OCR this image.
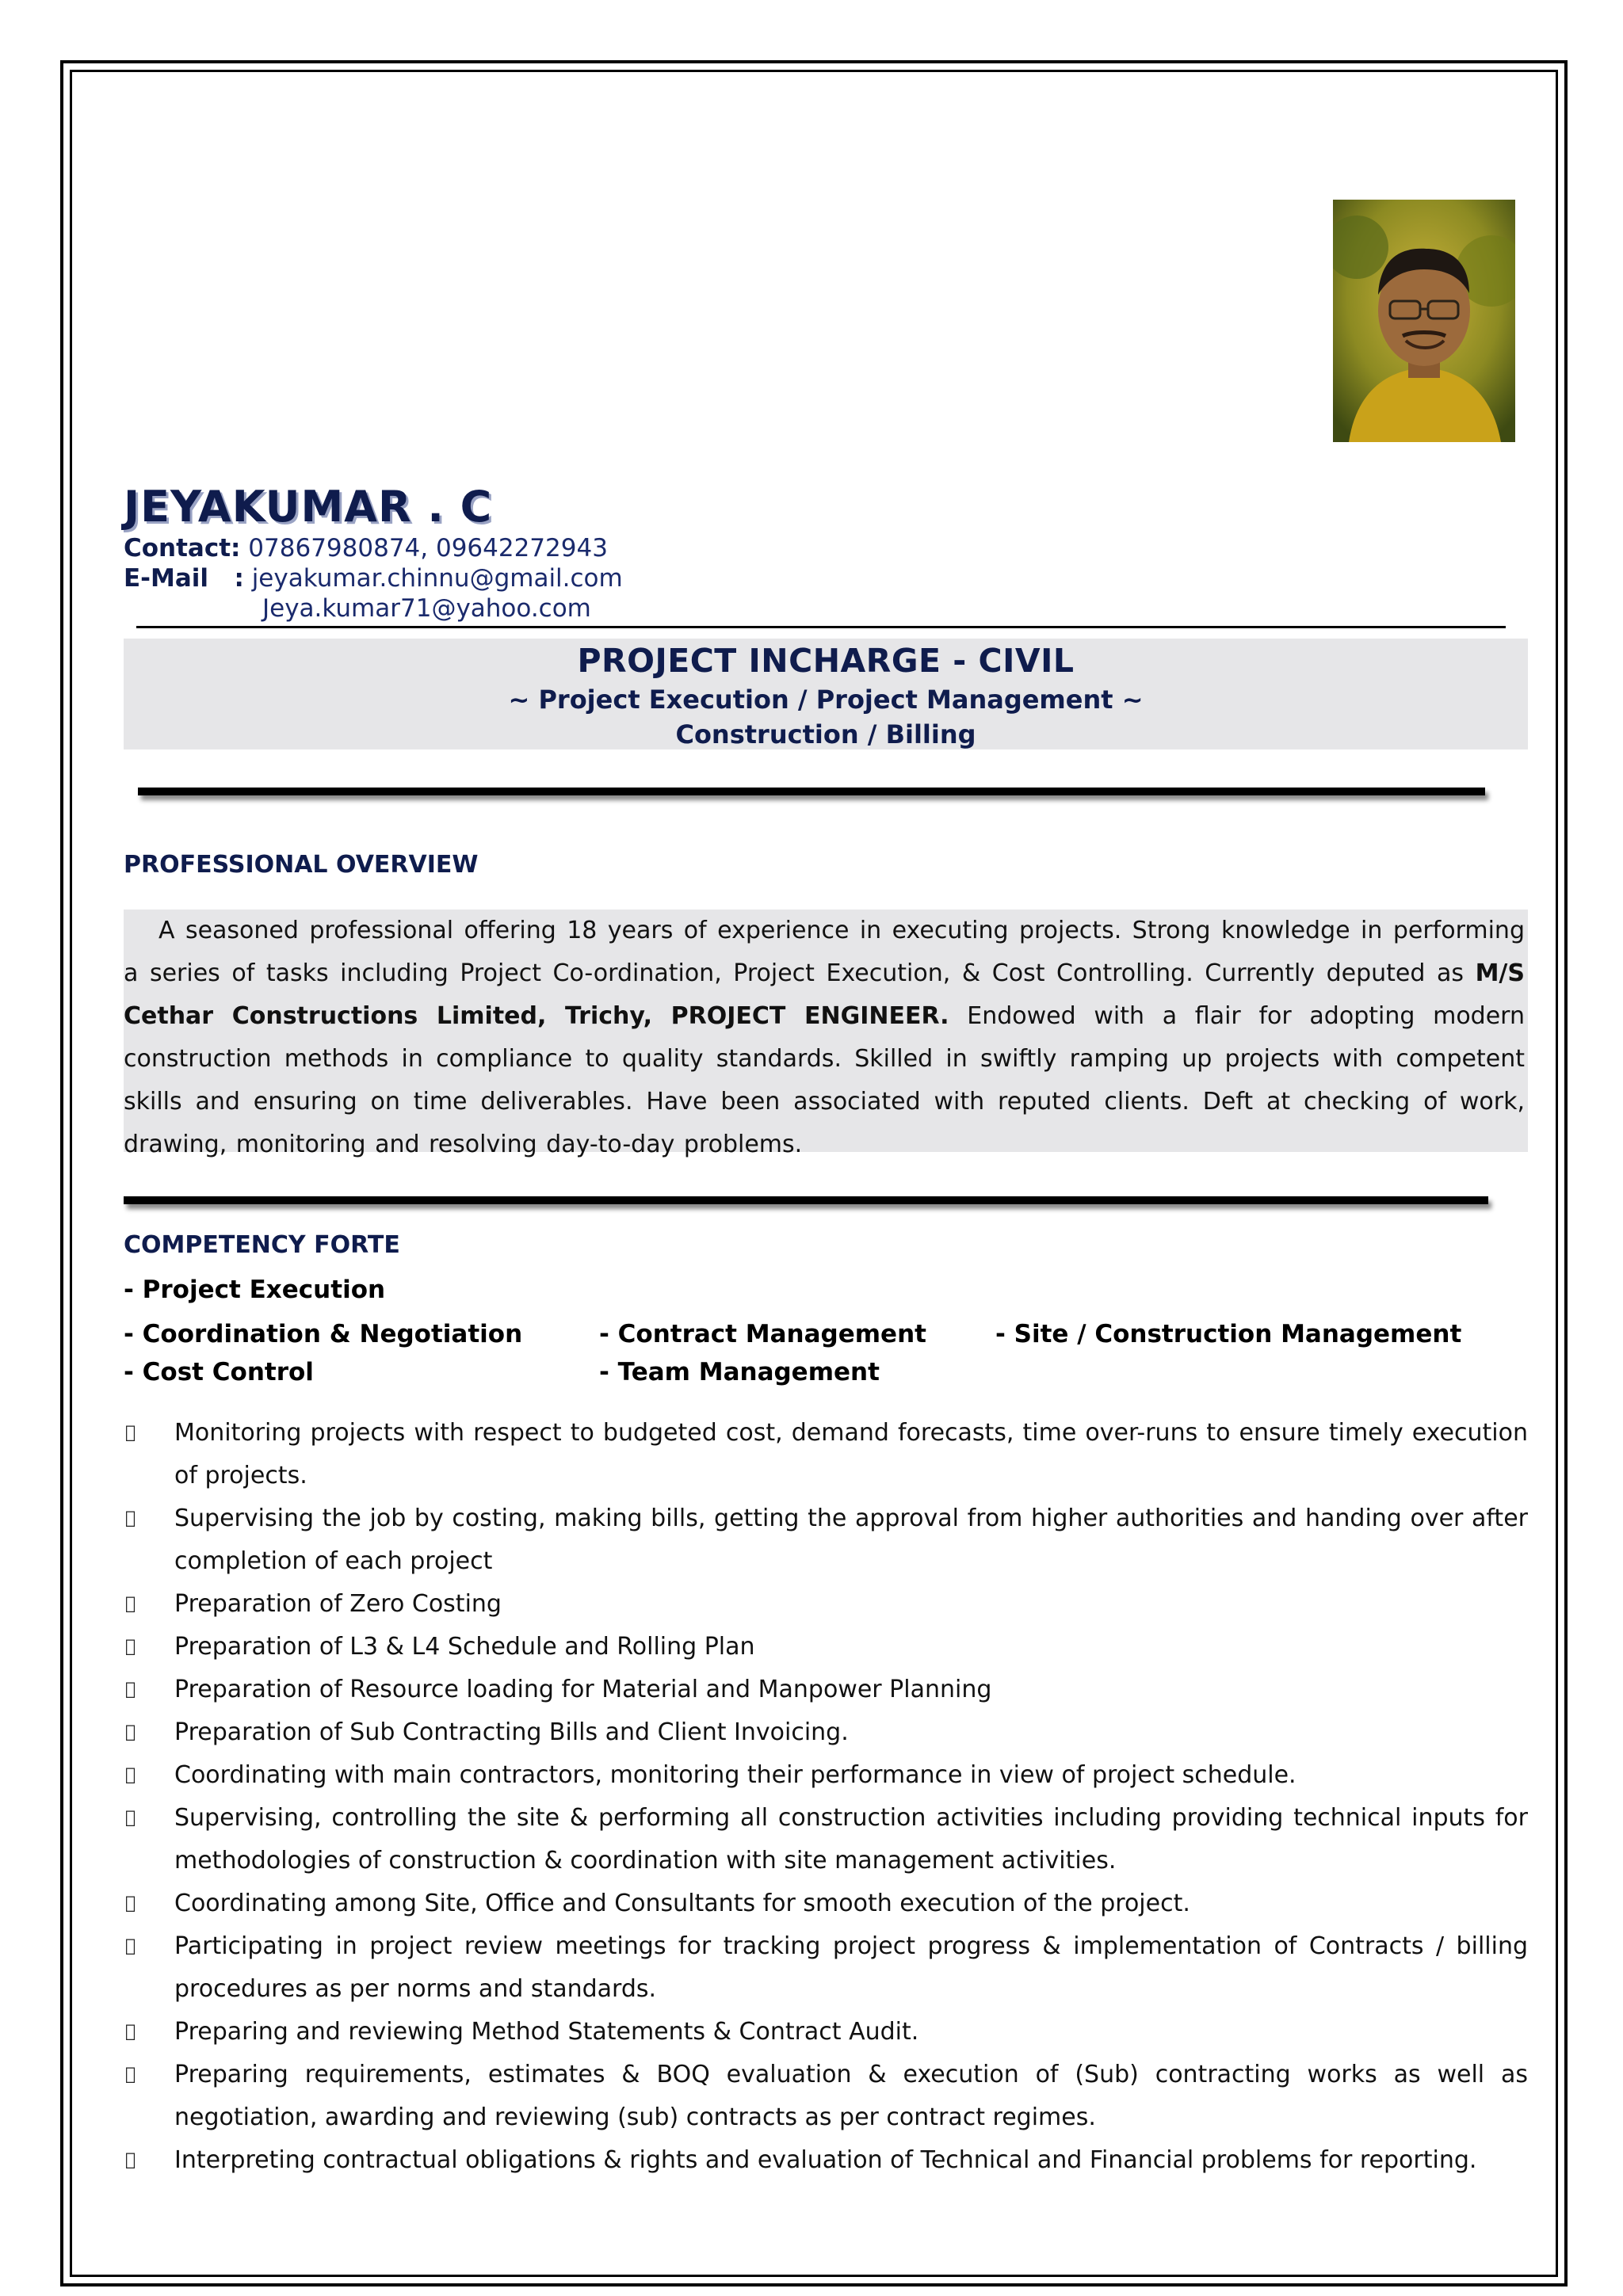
JEYAKUMAR . C
Contact: 07867980874, 09642272943
E-Mail   : jeyakumar.chinnu@gmail.com
Jeya.kumar71@yahoo.com
PROJECT INCHARGE - CIVIL
~ Project Execution / Project Management ~
Construction / Billing
PROFESSIONAL OVERVIEW

A seasoned professional offering 18 years of experience in executing projects. Strong knowledge in performing a series of tasks including Project Co-ordination, Project Execution, & Cost Controlling. Currently deputed as M/S Cethar Constructions Limited, Trichy, PROJECT ENGINEER. Endowed with a flair for adopting modern construction methods in compliance to quality standards. Skilled in swiftly ramping up projects with competent skills and ensuring on time deliverables. Have been associated with reputed clients. Deft at checking of work, drawing, monitoring and resolving day-to-day problems.

COMPETENCY FORTE
- Project Execution
- Coordination & Negotiation	- Contract Management	- Site / Construction Management
- Cost Control	- Team Management
Monitoring projects with respect to budgeted cost, demand forecasts, time over-runs to ensure timely execution of projects.
Supervising the job by costing, making bills, getting the approval from higher authorities and handing over after completion of each project
Preparation of Zero Costing
Preparation of L3 & L4 Schedule and Rolling Plan
Preparation of Resource loading for Material and Manpower Planning
Preparation of Sub Contracting Bills and Client Invoicing.
Coordinating with main contractors, monitoring their performance in view of project schedule.
Supervising, controlling the site & performing all construction activities including providing technical inputs for methodologies of construction & coordination with site management activities.
Coordinating among Site, Office and Consultants for smooth execution of the project.
Participating in project review meetings for tracking project progress & implementation of Contracts / billing procedures as per norms and standards.
Preparing and reviewing Method Statements & Contract Audit.
Preparing requirements, estimates & BOQ evaluation & execution of (Sub) contracting works as well as negotiation, awarding and reviewing (sub) contracts as per contract regimes.
Interpreting contractual obligations & rights and evaluation of Technical and Financial problems for reporting.
